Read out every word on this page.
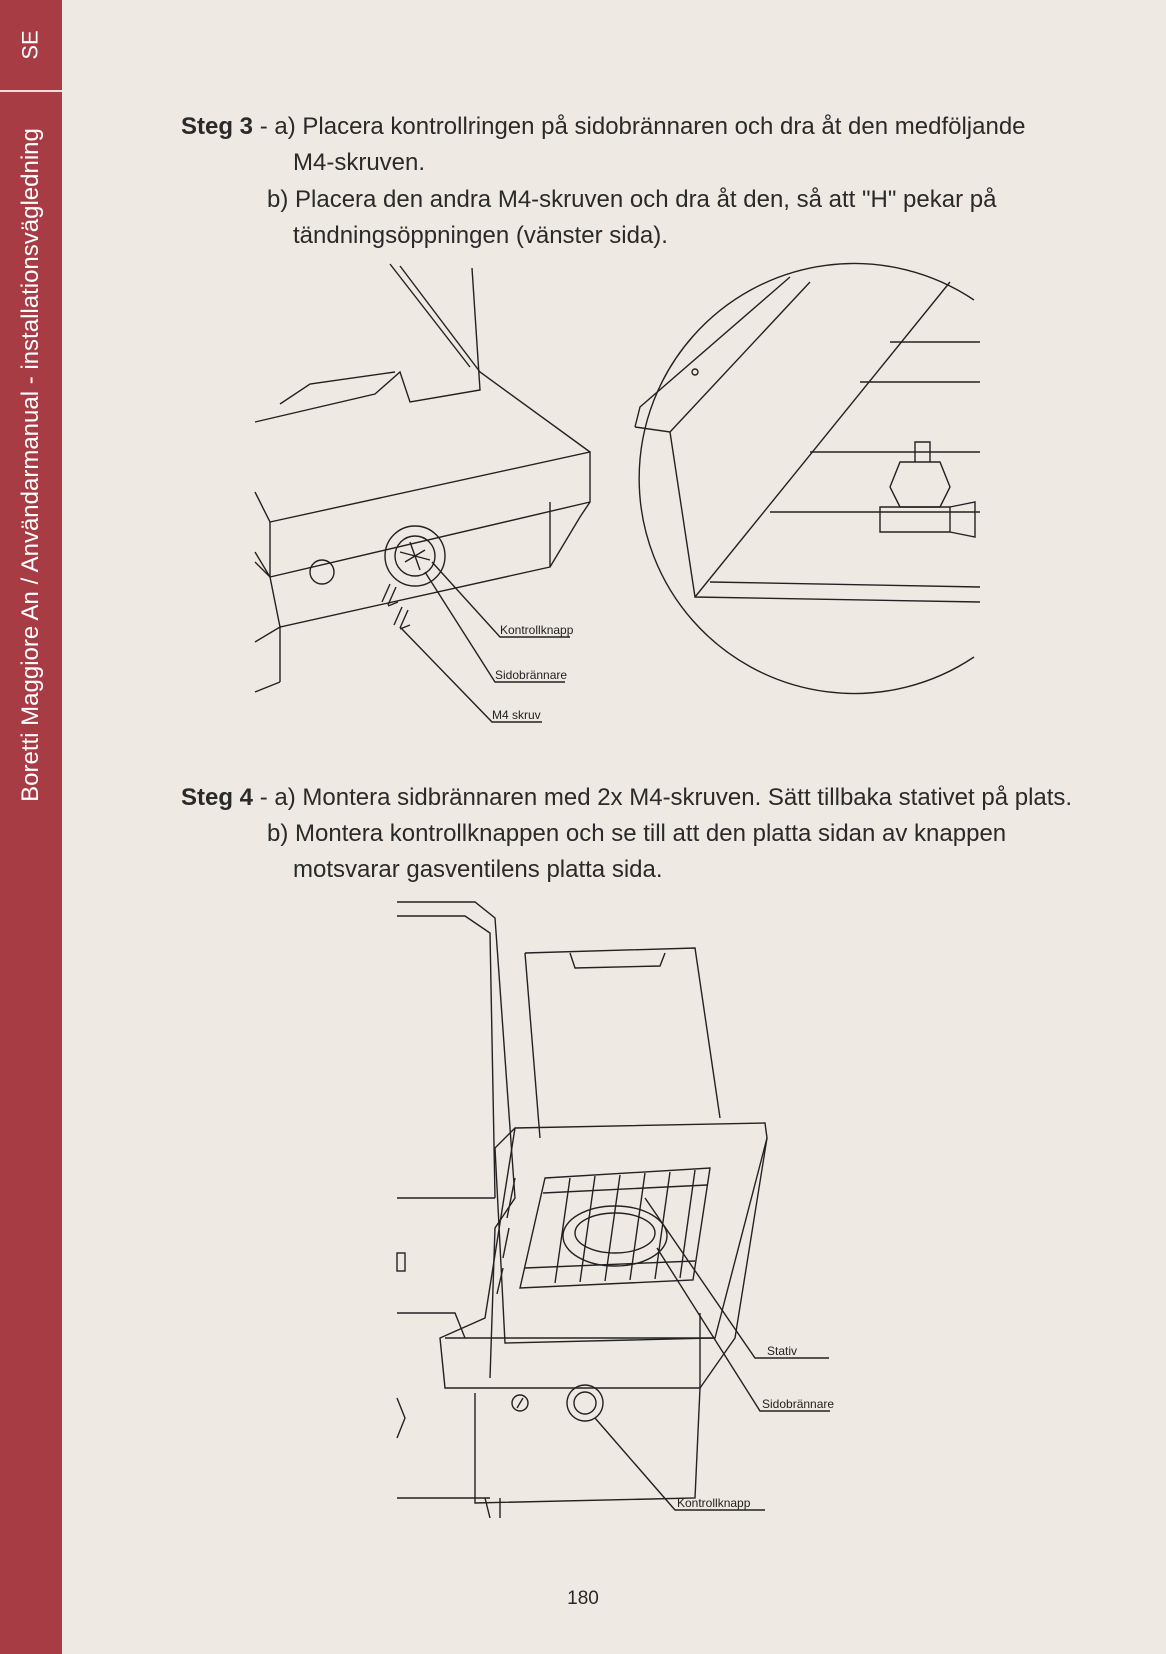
SE
Boretti Maggiore An / Användarmanual - installationsvägledning
Steg 3 - a) Placera kontrollringen på sidobrännaren och dra åt den medföljande
M4-skruven.
b) Placera den andra M4-skruven och dra åt den, så att "H" pekar på
tändningsöppningen (vänster sida).
Kontrollknapp
Sidobrännare
M4 skruv
Steg 4 - a) Montera sidbrännaren med 2x M4-skruven. Sätt tillbaka stativet på plats.
b) Montera kontrollknappen och se till att den platta sidan av knappen
motsvarar gasventilens platta sida.
Stativ
Sidobrännare
Kontrollknapp
180
